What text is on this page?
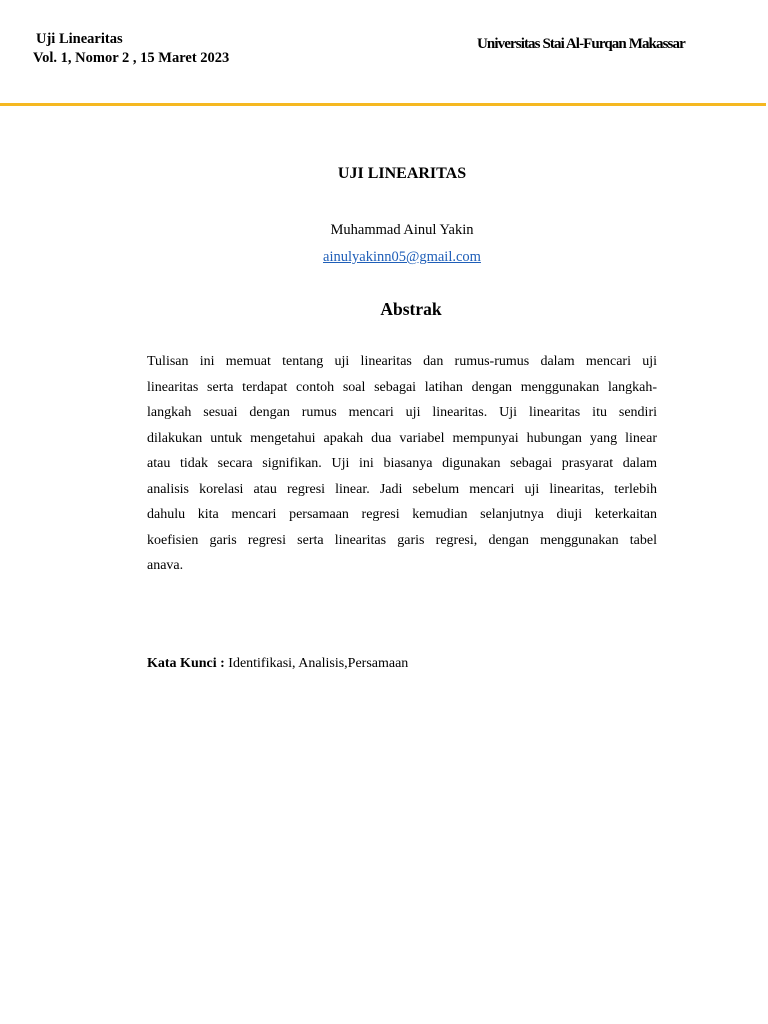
Uji Linearitas
Vol. 1, Nomor 2 , 15 Maret 2023
Universitas Stai Al-Furqan Makassar
UJI LINEARITAS
Muhammad Ainul Yakin
ainulyakinn05@gmail.com
Abstrak
Tulisan ini memuat tentang uji linearitas dan rumus-rumus dalam mencari uji
linearitas serta terdapat contoh soal sebagai latihan dengan menggunakan langkah-
langkah sesuai dengan rumus mencari uji linearitas. Uji linearitas itu sendiri
dilakukan untuk mengetahui apakah dua variabel mempunyai hubungan yang linear
atau tidak secara signifikan. Uji ini biasanya digunakan sebagai prasyarat dalam
analisis korelasi atau regresi linear. Jadi sebelum mencari uji linearitas, terlebih
dahulu kita mencari persamaan regresi kemudian selanjutnya diuji keterkaitan
koefisien garis regresi serta linearitas garis regresi, dengan menggunakan tabel
anava.
Kata Kunci : Identifikasi, Analisis,Persamaan
